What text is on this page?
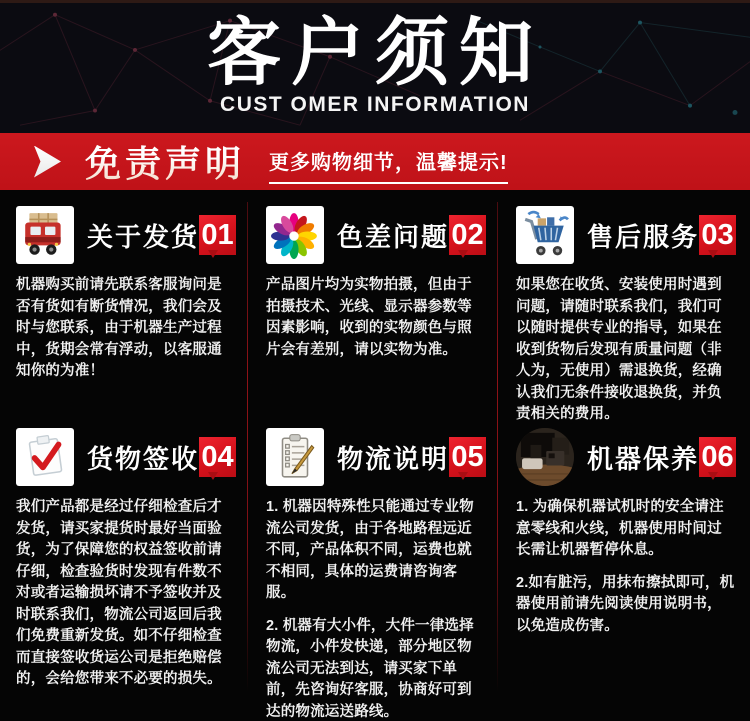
客户须知
CUST OMER INFORMATION
免责声明 更多购物细节，温馨提示!
关于发货 01

机器购买前请先联系客服询问是否有货如有断货情况，我们会及时与您联系，由于机器生产过程中，货期会常有浮动，以客服通知你的为准！

色差问题 02

产品图片均为实物拍摄，但由于拍摄技术、光线、显示器参数等因素影响，收到的实物颜色与照片会有差别，请以实物为准。

售后服务 03

如果您在收货、安装使用时遇到问题，请随时联系我们，我们可以随时提供专业的指导，如果在收到货物后发现有质量问题（非人为，无使用）需退换货，经确认我们无条件接收退换货，并负责相关的费用。

货物签收 04

我们产品都是经过仔细检查后才发货，请买家提货时最好当面验货，为了保障您的权益签收前请仔细，检查验货时发现有件数不对或者运输损坏请不予签收并及时联系我们，物流公司返回后我们免费重新发货。如不仔细检查而直接签收货运公司是拒绝赔偿的，会给您带来不必要的损失。

物流说明 05

1. 机器因特殊性只能通过专业物流公司发货，由于各地路程远近不同，产品体积不同，运费也就不相同，具体的运费请咨询客服。

2. 机器有大小件，大件一律选择物流，小件发快递，部分地区物流公司无法到达，请买家下单前，先咨询好客服，协商好可到达的物流运送路线。

机器保养 06

1. 为确保机器试机时的安全请注意零线和火线，机器使用时间过长需让机器暂停休息。

2.如有脏污，用抹布擦拭即可，机器使用前请先阅读使用说明书，以免造成伤害。
